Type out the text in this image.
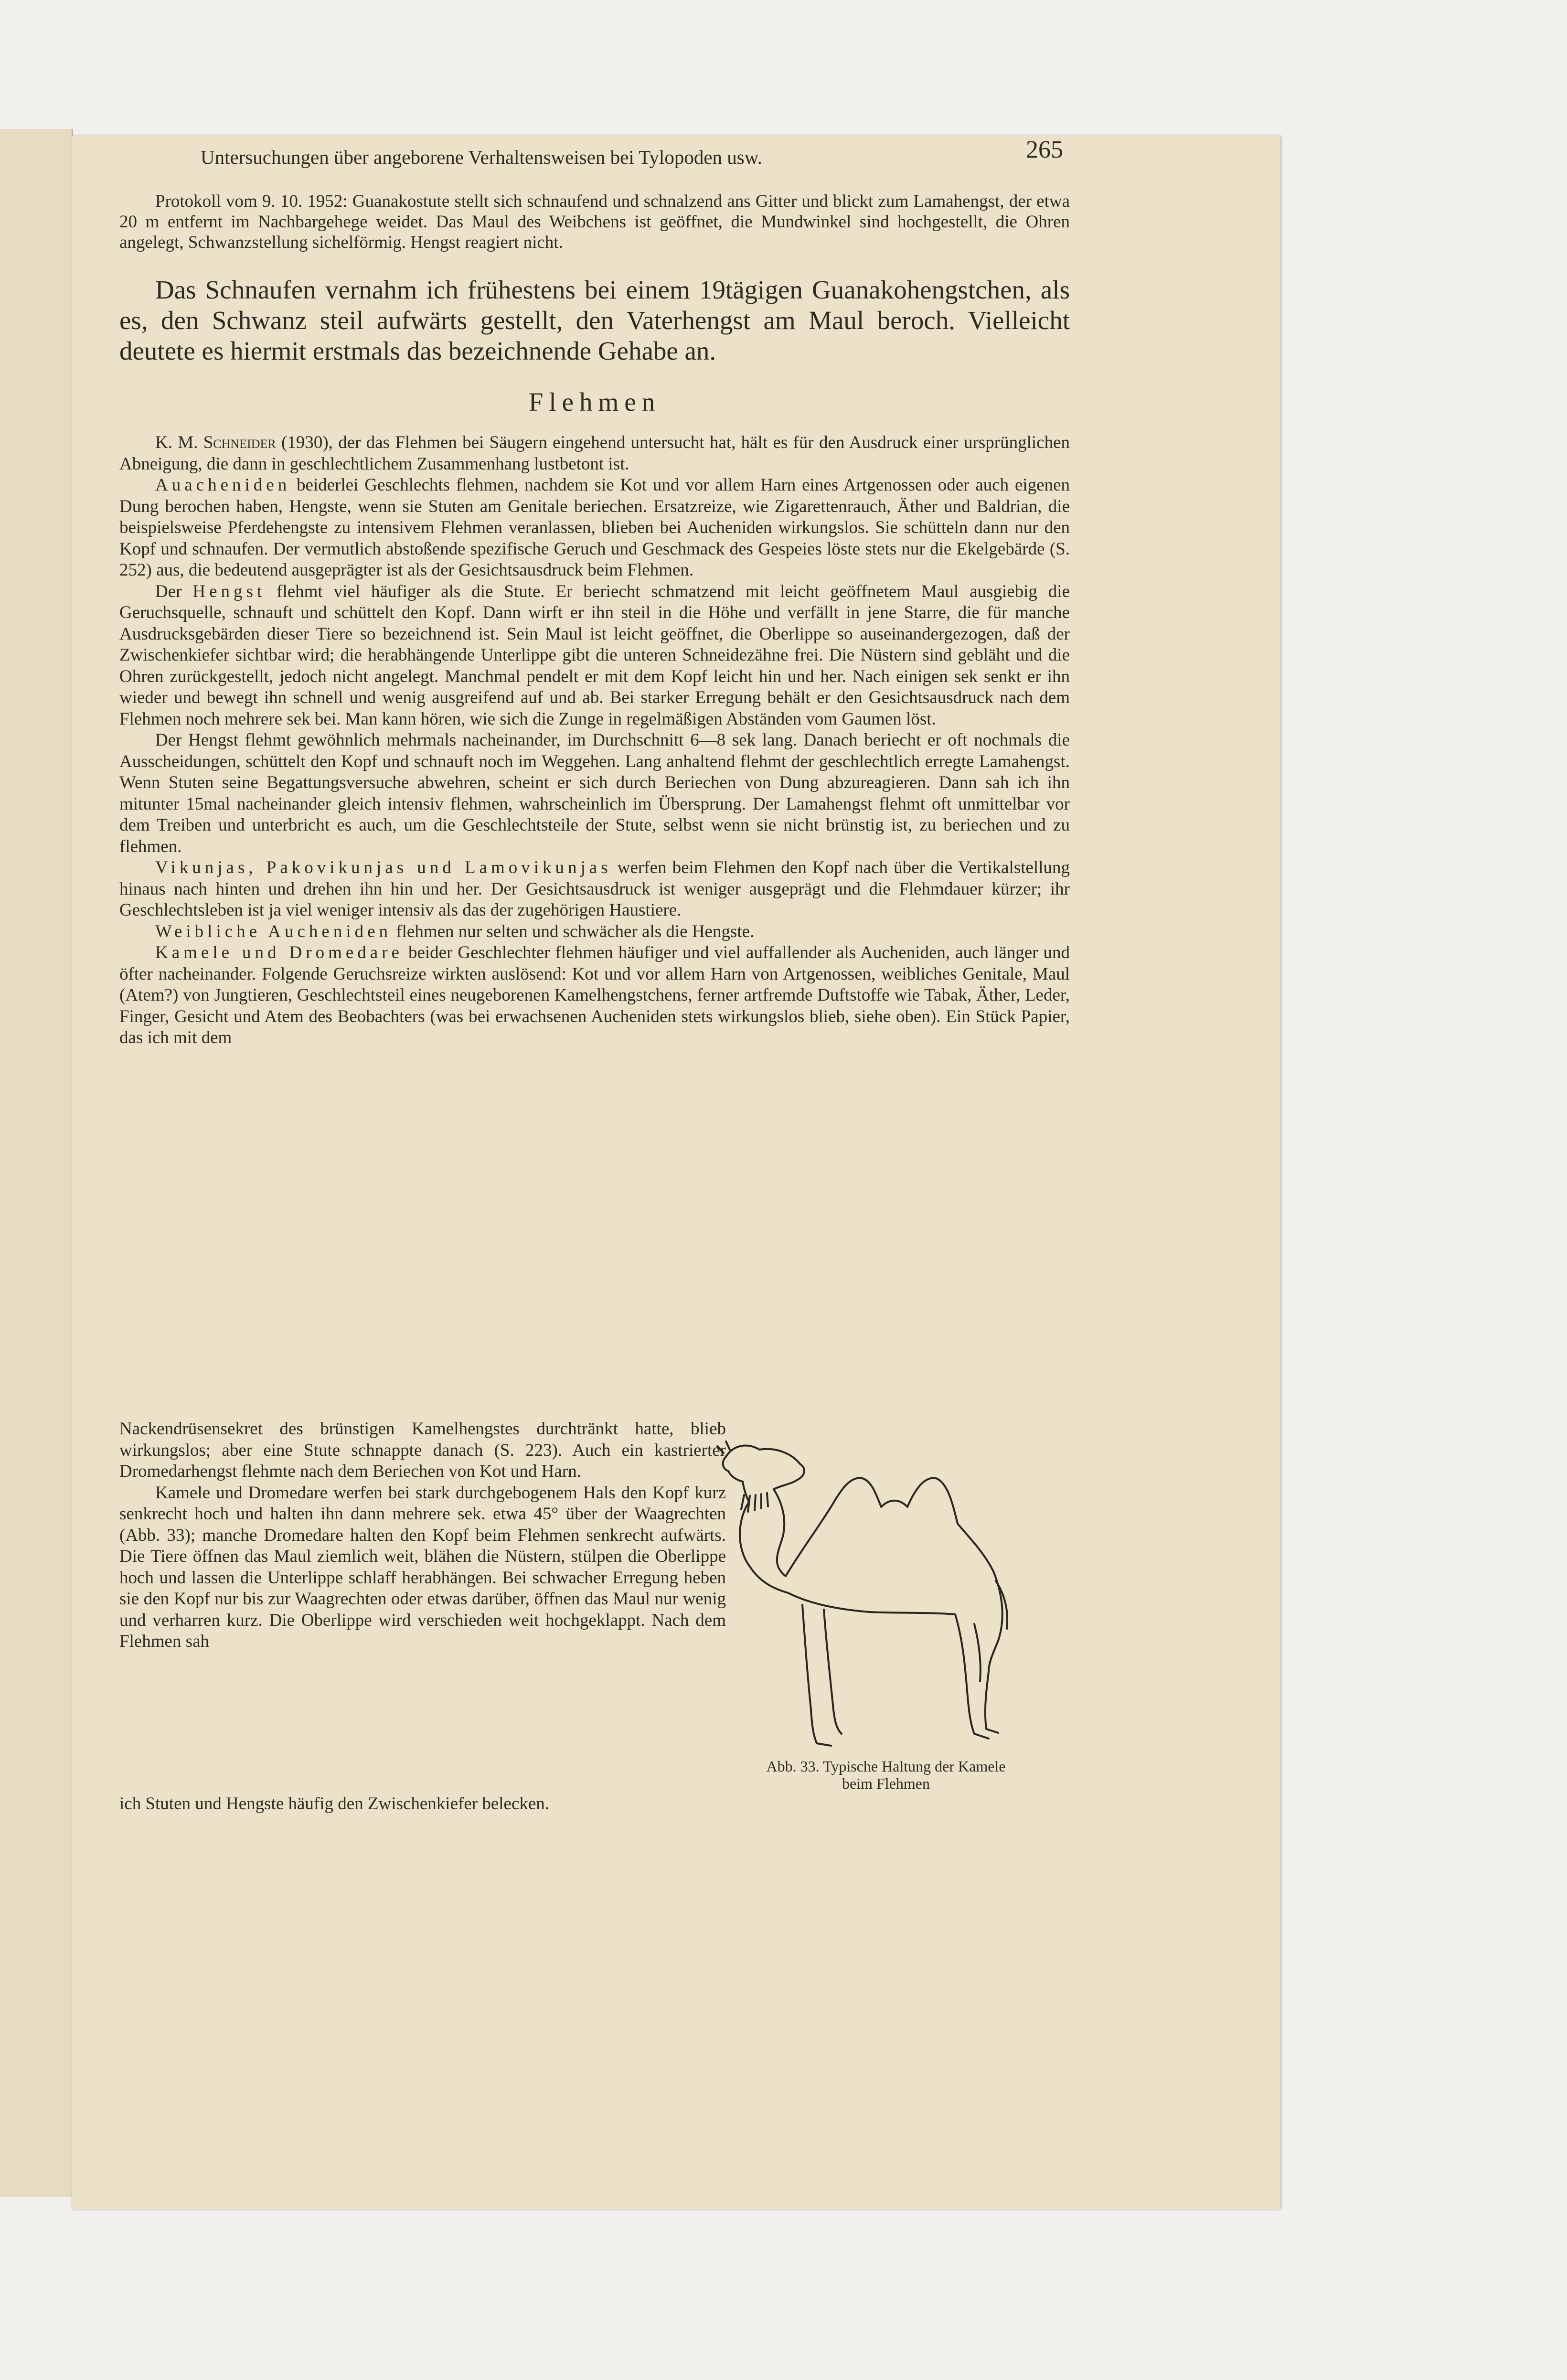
Untersuchungen über angeborene Verhaltensweisen bei Tylopoden usw.	265
Protokoll vom 9. 10. 1952: Guanakostute stellt sich schnaufend und schnalzend ans Gitter und blickt zum Lamahengst, der etwa 20 m entfernt im Nachbargehege weidet. Das Maul des Weibchens ist geöffnet, die Mundwinkel sind hochgestellt, die Ohren angelegt, Schwanzstellung sichelförmig. Hengst reagiert nicht.
Das Schnaufen vernahm ich frühestens bei einem 19tägigen Guanakohengstchen, als es, den Schwanz steil aufwärts gestellt, den Vaterhengst am Maul beroch. Vielleicht deutete es hiermit erstmals das bezeichnende Gehabe an.
Flehmen

K. M. Schneider (1930), der das Flehmen bei Säugern eingehend untersucht hat, hält es für den Ausdruck einer ursprünglichen Abneigung, die dann in geschlechtlichem Zusammenhang lustbetont ist.

Auacheniden beiderlei Geschlechts flehmen, nachdem sie Kot und vor allem Harn eines Artgenossen oder auch eigenen Dung berochen haben, Hengste, wenn sie Stuten am Genitale beriechen. Ersatzreize, wie Zigarettenrauch, Äther und Baldrian, die beispielsweise Pferdehengste zu intensivem Flehmen veranlassen, blieben bei Aucheniden wirkungslos. Sie schütteln dann nur den Kopf und schnaufen. Der vermutlich abstoßende spezifische Geruch und Geschmack des Gespeies löste stets nur die Ekelgebärde (S. 252) aus, die bedeutend ausgeprägter ist als der Gesichtsausdruck beim Flehmen.

Der Hengst flehmt viel häufiger als die Stute. Er beriecht schmatzend mit leicht geöffnetem Maul ausgiebig die Geruchsquelle, schnauft und schüttelt den Kopf. Dann wirft er ihn steil in die Höhe und verfällt in jene Starre, die für manche Ausdrucksgebärden dieser Tiere so bezeichnend ist. Sein Maul ist leicht geöffnet, die Oberlippe so auseinandergezogen, daß der Zwischenkiefer sichtbar wird; die herabhängende Unterlippe gibt die unteren Schneidezähne frei. Die Nüstern sind gebläht und die Ohren zurückgestellt, jedoch nicht angelegt. Manchmal pendelt er mit dem Kopf leicht hin und her. Nach einigen sek senkt er ihn wieder und bewegt ihn schnell und wenig ausgreifend auf und ab. Bei starker Erregung behält er den Gesichtsausdruck nach dem Flehmen noch mehrere sek bei. Man kann hören, wie sich die Zunge in regelmäßigen Abständen vom Gaumen löst.

Der Hengst flehmt gewöhnlich mehrmals nacheinander, im Durchschnitt 6—8 sek lang. Danach beriecht er oft nochmals die Ausscheidungen, schüttelt den Kopf und schnauft noch im Weggehen. Lang anhaltend flehmt der geschlechtlich erregte Lamahengst. Wenn Stuten seine Begattungsversuche abwehren, scheint er sich durch Beriechen von Dung abzureagieren. Dann sah ich ihn mitunter 15mal nacheinander gleich intensiv flehmen, wahrscheinlich im Übersprung. Der Lamahengst flehmt oft unmittelbar vor dem Treiben und unterbricht es auch, um die Geschlechtsteile der Stute, selbst wenn sie nicht brünstig ist, zu beriechen und zu flehmen.

Vikunjas, Pakovikunjas und Lamovikunjas werfen beim Flehmen den Kopf nach über die Vertikalstellung hinaus nach hinten und drehen ihn hin und her. Der Gesichtsausdruck ist weniger ausgeprägt und die Flehmdauer kürzer; ihr Geschlechtsleben ist ja viel weniger intensiv als das der zugehörigen Haustiere.

Weibliche Aucheniden flehmen nur selten und schwächer als die Hengste.

Kamele und Dromedare beider Geschlechter flehmen häufiger und viel auffallender als Aucheniden, auch länger und öfter nacheinander. Folgende Geruchsreize wirkten auslösend: Kot und vor allem Harn von Artgenossen, weibliches Genitale, Maul (Atem?) von Jungtieren, Geschlechtsteil eines neugeborenen Kamelhengstchens, ferner artfremde Duftstoffe wie Tabak, Äther, Leder, Finger, Gesicht und Atem des Beobachters (was bei erwachsenen Aucheniden stets wirkungslos blieb, siehe oben). Ein Stück Papier, das ich mit dem

Nackendrüsensekret des brünstigen Kamelhengstes durchtränkt hatte, blieb wirkungslos; aber eine Stute schnappte danach (S. 223). Auch ein kastrierter Dromedarhengst flehmte nach dem Beriechen von Kot und Harn.

Kamele und Dromedare werfen bei stark durchgebogenem Hals den Kopf kurz senkrecht hoch und halten ihn dann mehrere sek. etwa 45° über der Waagrechten (Abb. 33); manche Dromedare halten den Kopf beim Flehmen senkrecht aufwärts. Die Tiere öffnen das Maul ziemlich weit, blähen die Nüstern, stülpen die Oberlippe hoch und lassen die Unterlippe schlaff herabhängen. Bei schwacher Erregung heben sie den Kopf nur bis zur Waagrechten oder etwas darüber, öffnen das Maul nur wenig und verharren kurz. Die Oberlippe wird verschieden weit hochgeklappt. Nach dem Flehmen sah

ich Stuten und Hengste häufig den Zwischenkiefer belecken.
Abb. 33. Typische Haltung der Kamele
beim Flehmen
